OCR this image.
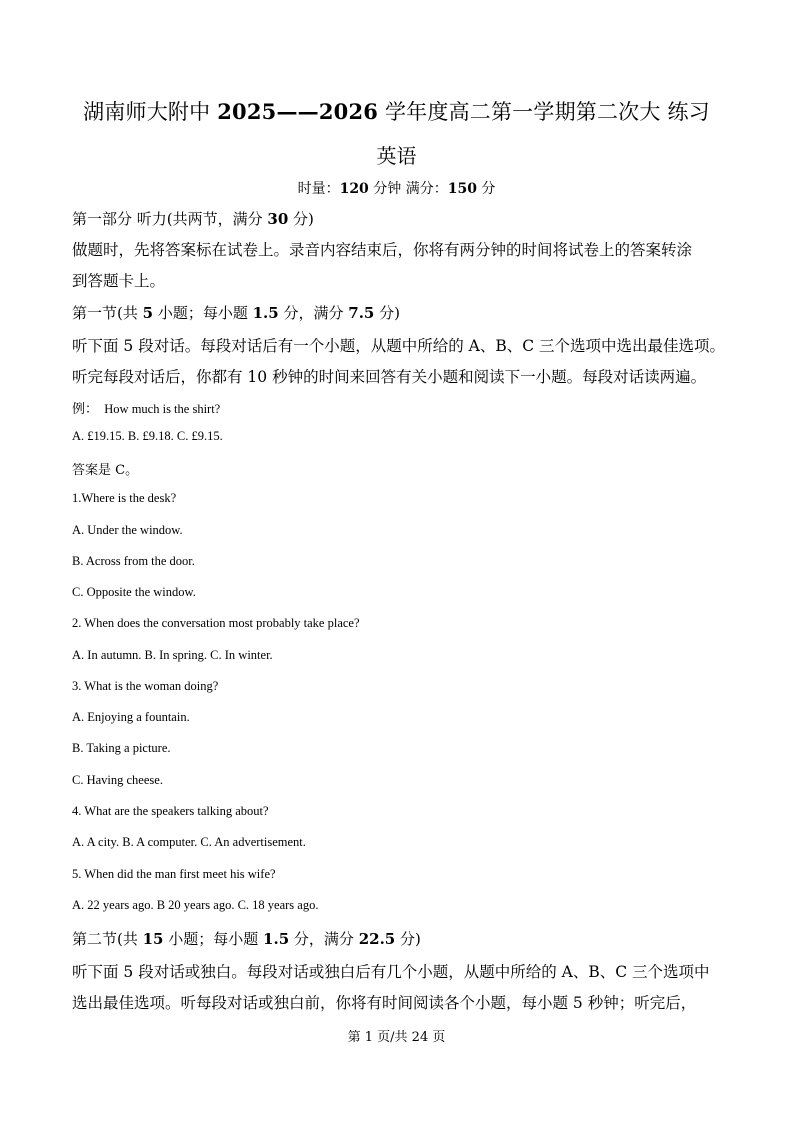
湖南师大附中 2025——2026 学年度高二第一学期第二次大 练习
英语
时量：120 分钟 满分：150 分
第一部分 听力(共两节，满分 30 分)
做题时，先将答案标在试卷上。录音内容结束后，你将有两分钟的时间将试卷上的答案转涂
到答题卡上。
第一节(共 5 小题；每小题 1.5 分，满分 7.5 分)
听下面 5 段对话。每段对话后有一个小题，从题中所给的 A、B、C 三个选项中选出最佳选项。
听完每段对话后，你都有 10 秒钟的时间来回答有关小题和阅读下一小题。每段对话读两遍。
例： How much is the shirt?
A. £19.15. B. £9.18. C. £9.15.
答案是 C。
1.Where is the desk?
A. Under the window.
B. Across from the door.
C. Opposite the window.
2. When does the conversation most probably take place?
A. In autumn. B. In spring. C. In winter.
3. What is the woman doing?
A. Enjoying a fountain.
B. Taking a picture.
C. Having cheese.
4. What are the speakers talking about?
A. A city. B. A computer. C. An advertisement.
5. When did the man first meet his wife?
A. 22 years ago. B 20 years ago. C. 18 years ago.
第二节(共 15 小题；每小题 1.5 分，满分 22.5 分)
听下面 5 段对话或独白。每段对话或独白后有几个小题，从题中所给的 A、B、C 三个选项中
选出最佳选项。听每段对话或独白前，你将有时间阅读各个小题，每小题 5 秒钟；听完后，
第 1 页/共 24 页
